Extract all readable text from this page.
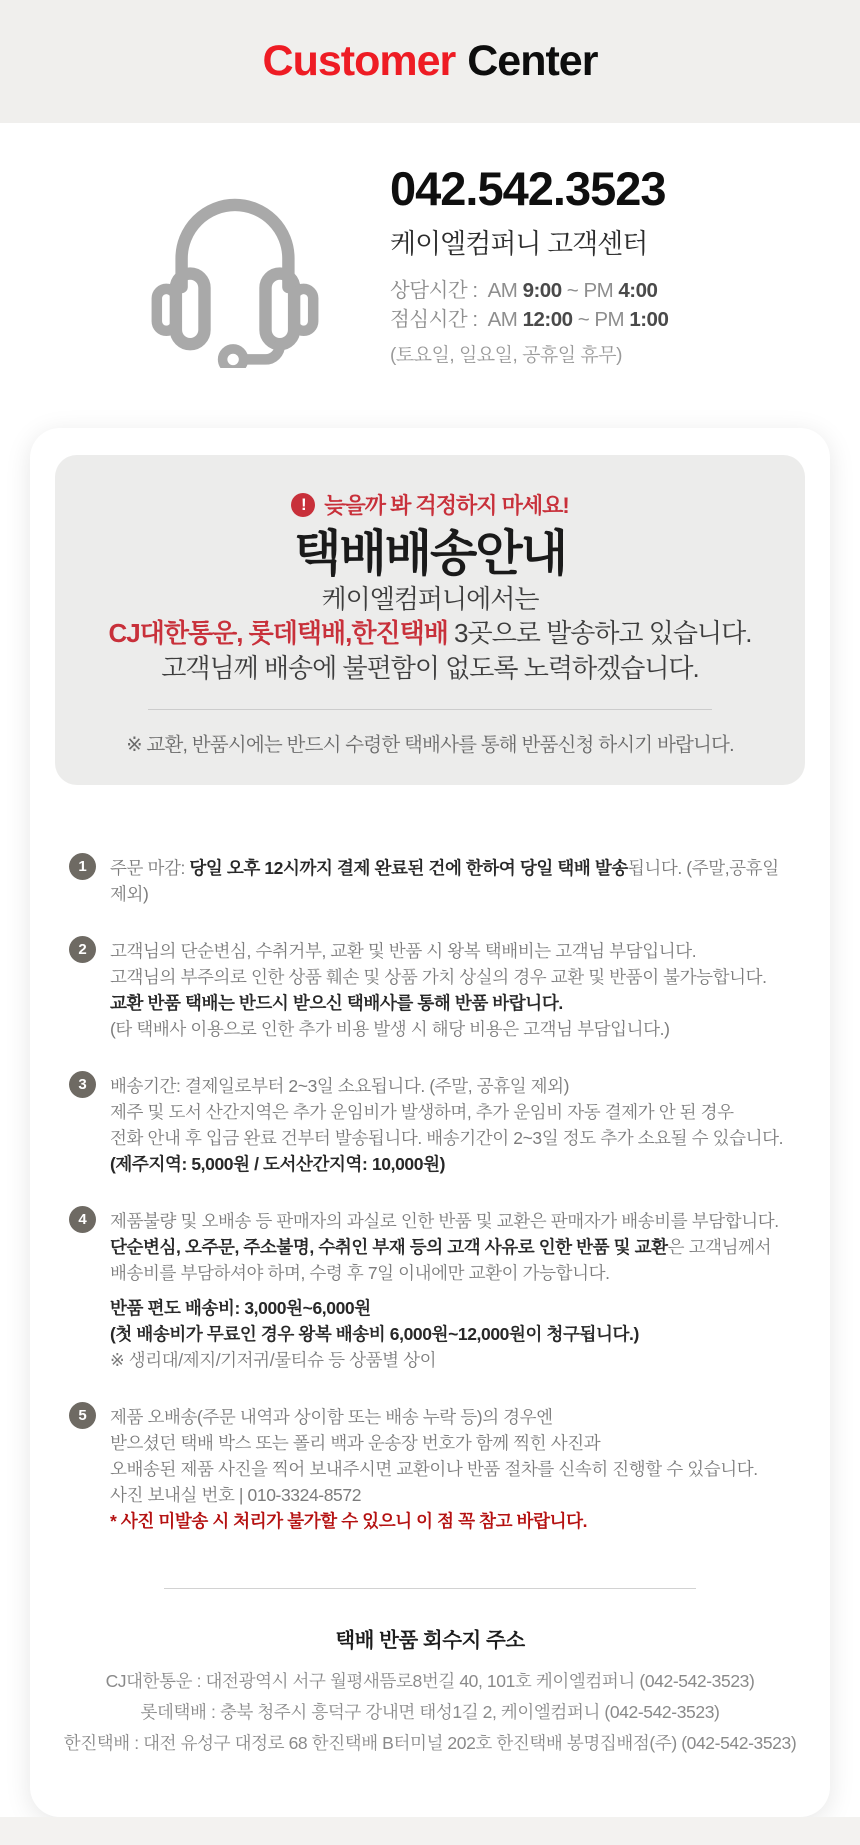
Customer Center
042.542.3523
케이엘컴퍼니 고객센터
상담시간 : AM 9:00 ~ PM 4:00
점심시간 : AM 12:00 ~ PM 1:00
(토요일, 일요일, 공휴일 휴무)
! 늦을까 봐 걱정하지 마세요!
택배배송안내
케이엘컴퍼니에서는
CJ대한통운, 롯데택배,한진택배 3곳으로 발송하고 있습니다.
고객님께 배송에 불편함이 없도록 노력하겠습니다.
※ 교환, 반품시에는 반드시 수령한 택배사를 통해 반품신청 하시기 바랍니다.
1	주문 마감: 당일 오후 12시까지 결제 완료된 건에 한하여 당일 택배 발송됩니다. (주말,공휴일 제외)
2	고객님의 단순변심, 수취거부, 교환 및 반품 시 왕복 택배비는 고객님 부담입니다.
고객님의 부주의로 인한 상품 훼손 및 상품 가치 상실의 경우 교환 및 반품이 불가능합니다.
교환 반품 택배는 반드시 받으신 택배사를 통해 반품 바랍니다.
(타 택배사 이용으로 인한 추가 비용 발생 시 해당 비용은 고객님 부담입니다.)
3	배송기간: 결제일로부터 2~3일 소요됩니다. (주말, 공휴일 제외)
제주 및 도서 산간지역은 추가 운임비가 발생하며, 추가 운임비 자동 결제가 안 된 경우
전화 안내 후 입금 완료 건부터 발송됩니다. 배송기간이 2~3일 정도 추가 소요될 수 있습니다.
(제주지역: 5,000원 / 도서산간지역: 10,000원)
4	제품불량 및 오배송 등 판매자의 과실로 인한 반품 및 교환은 판매자가 배송비를 부담합니다.
단순변심, 오주문, 주소불명, 수취인 부재 등의 고객 사유로 인한 반품 및 교환은 고객님께서
배송비를 부담하셔야 하며, 수령 후 7일 이내에만 교환이 가능합니다.
반품 편도 배송비: 3,000원~6,000원
(첫 배송비가 무료인 경우 왕복 배송비 6,000원~12,000원이 청구됩니다.)
※ 생리대/제지/기저귀/물티슈 등 상품별 상이
5	제품 오배송(주문 내역과 상이함 또는 배송 누락 등)의 경우엔
받으셨던 택배 박스 또는 폴리 백과 운송장 번호가 함께 찍힌 사진과
오배송된 제품 사진을 찍어 보내주시면 교환이나 반품 절차를 신속히 진행할 수 있습니다.
사진 보내실 번호 | 010-3324-8572
* 사진 미발송 시 처리가 불가할 수 있으니 이 점 꼭 참고 바랍니다.
택배 반품 회수지 주소
CJ대한통운 : 대전광역시 서구 월평새뜸로8번길 40, 101호 케이엘컴퍼니 (042-542-3523)
롯데택배 : 충북 청주시 흥덕구 강내면 태성1길 2, 케이엘컴퍼니 (042-542-3523)
한진택배 : 대전 유성구 대정로 68 한진택배 B터미널 202호 한진택배 봉명집배점(주) (042-542-3523)
